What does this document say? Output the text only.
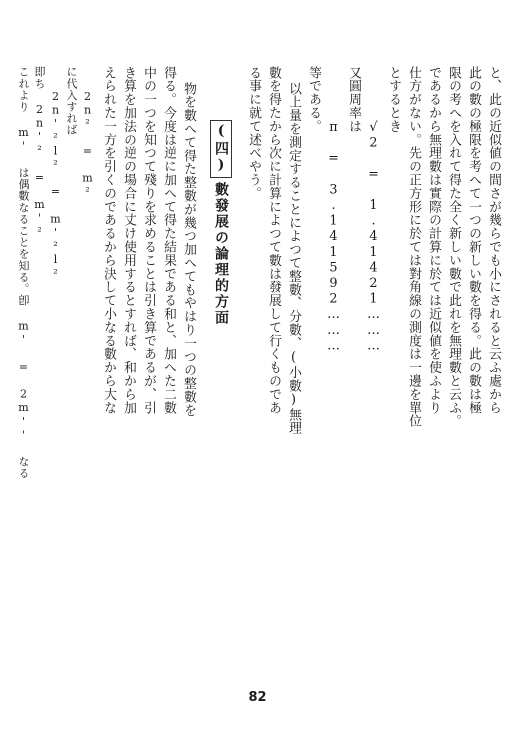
と、此の近似値の間さが幾らでも小にされると云ふ處から
此の數の極限を考へて一つの新しい數を得る。此の數は極
限の考へを入れて得た全く新しい數で此れを無理數と云ふ。
であるから無理數は實際の計算に於ては近似値を使ふより
仕方がない。先の正方形に於ては對角線の測度は一邊を單位
とするとき
√2 = 1.41421………
又圓周率は
π = 3.141592………
等である。
以上量を測定することによつて整數、分數、(小數)無理
數を得たから次に計算によつて數は發展して行くものであ
る事に就て述べやう。
(四)數發展の論理的方面
物を數へて得た整數が幾つ加へてもやはり一つの整數を
得る。今度は逆に加へて得た結果である和と、加へた二數
中の一つを知つて殘りを求めることは引き算であるが、引
き算を加法の逆の場合に丈け使用するとすれば、和から加
えられた一方を引くのであるから決して小なる數から大な
2n² = m²
に代入すれば
2n'²l² = m'²l²
即ち 2n'² = m'²
これより m' は偶數なることを知る。卽 m' = 2m'' なる
82
